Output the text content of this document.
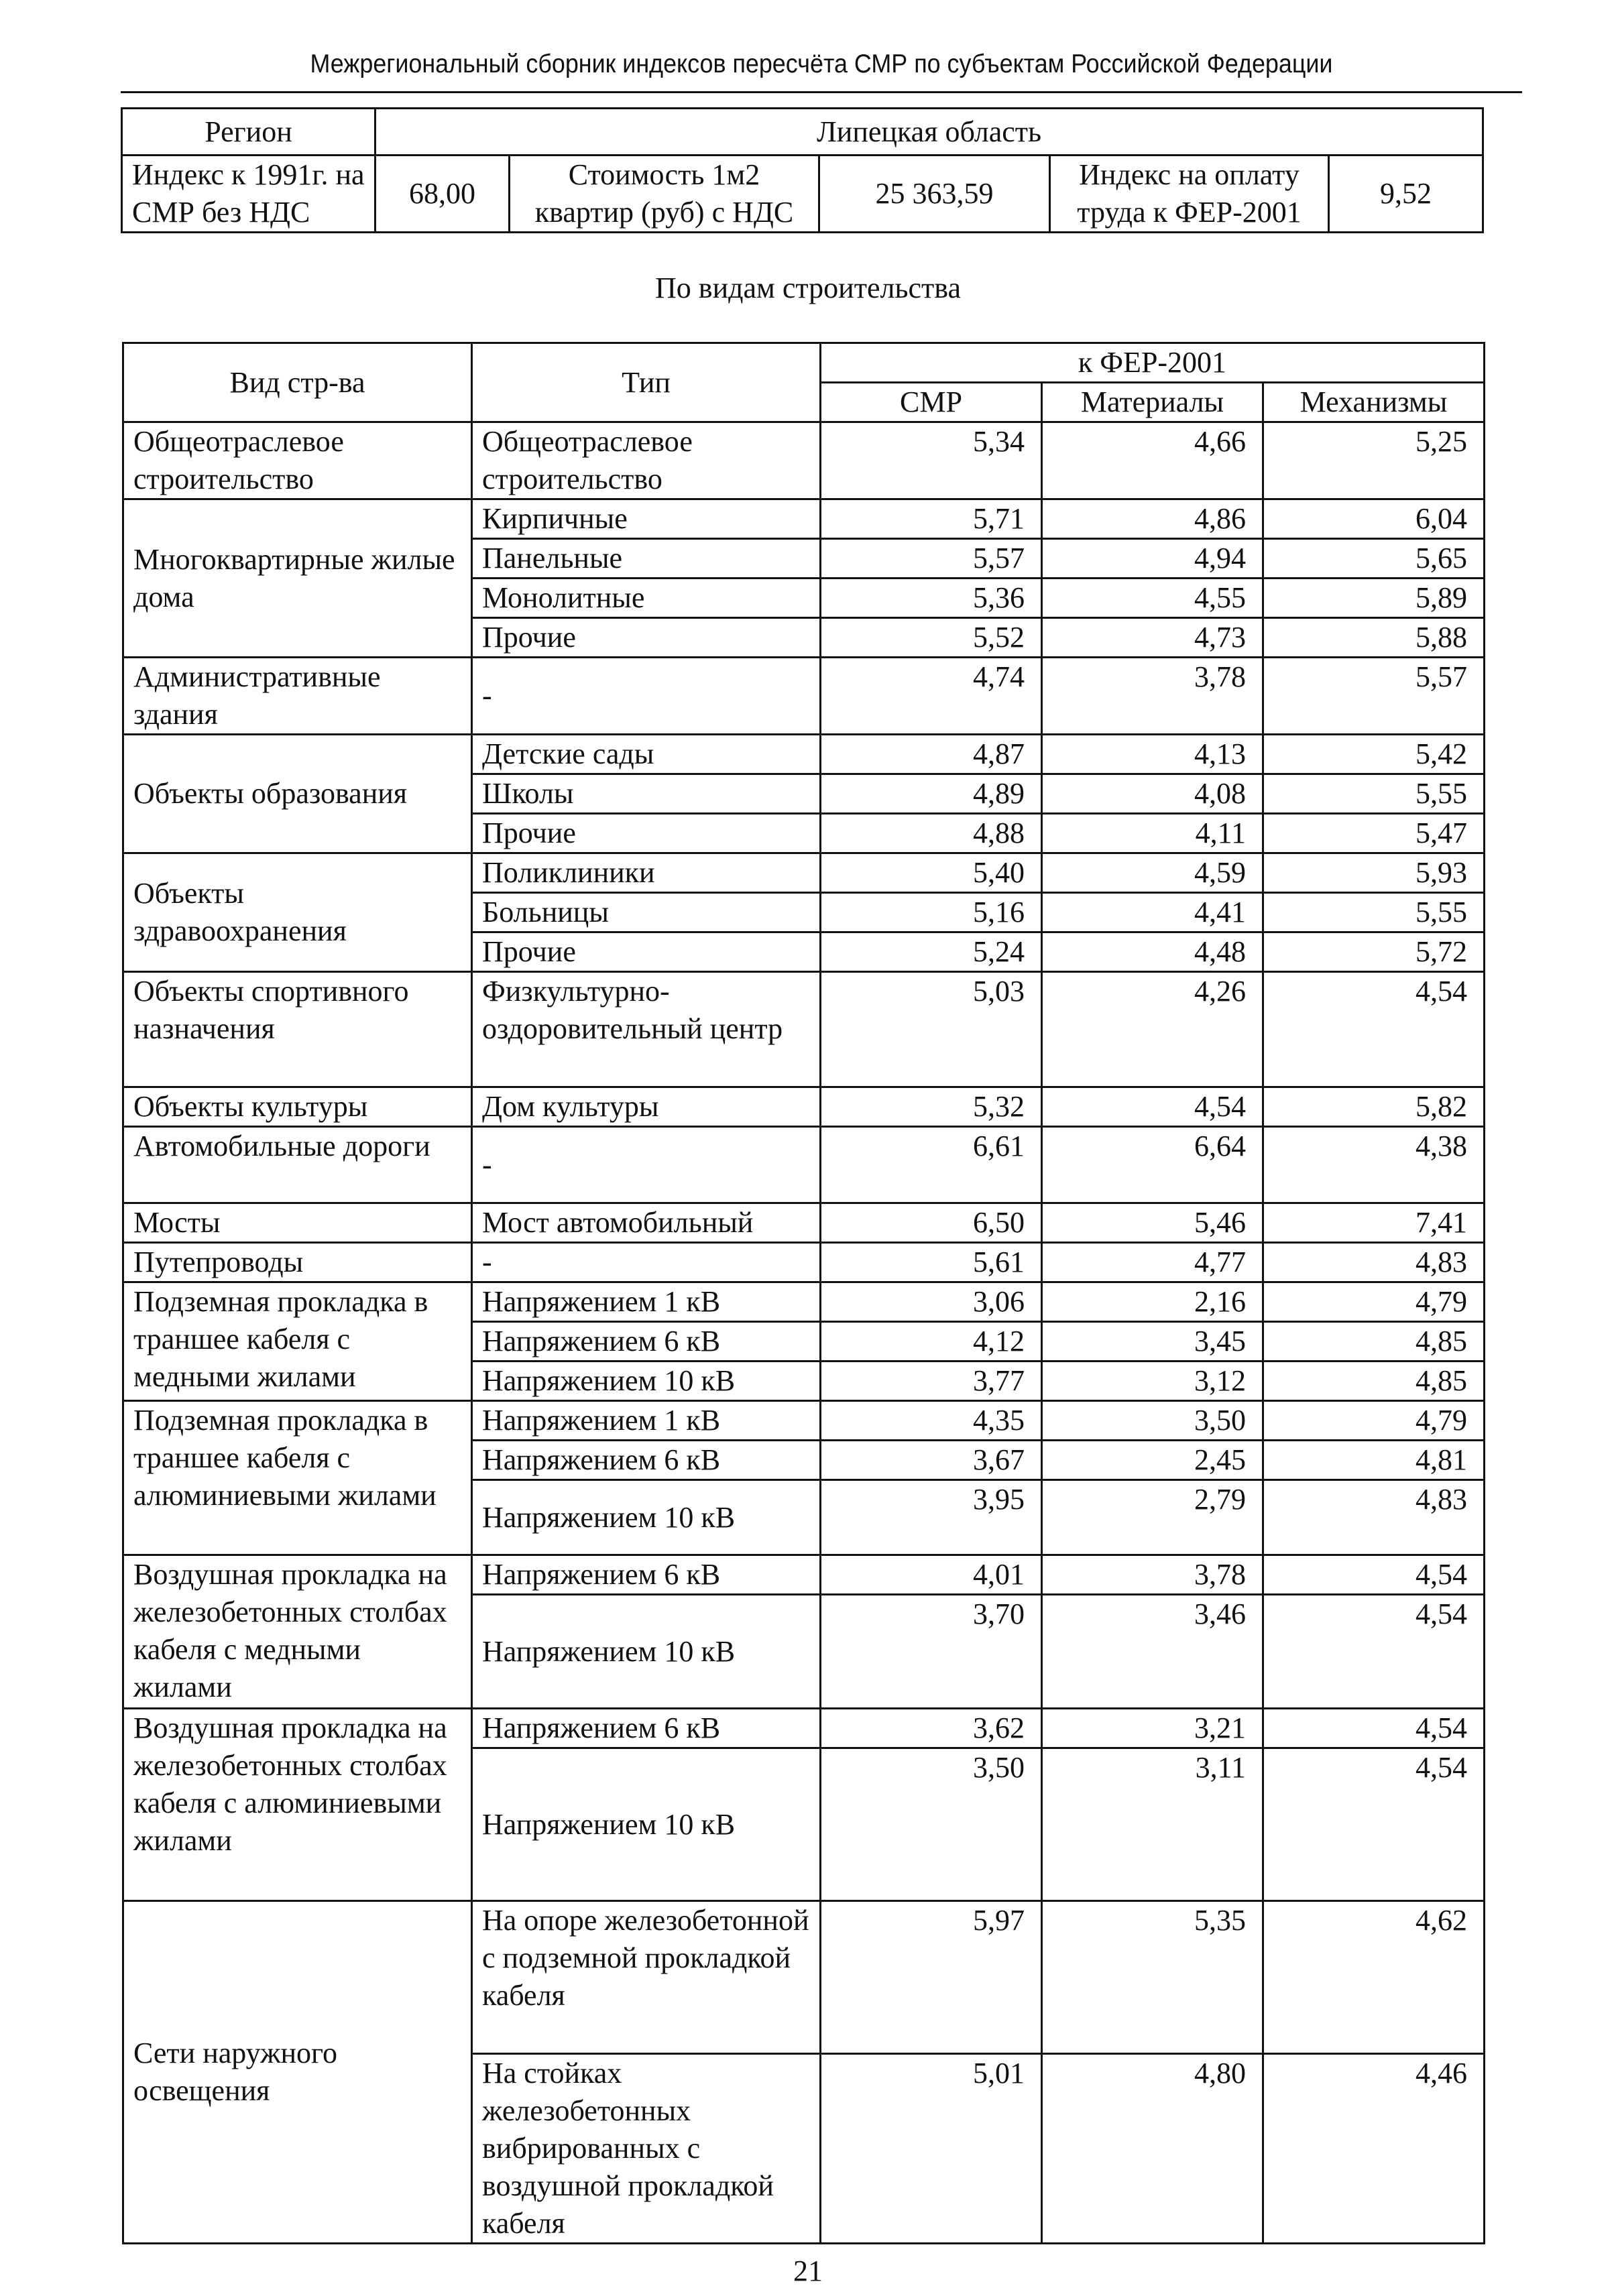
Межрегиональный сборник индексов пересчёта СМР по субъектам Российской Федерации
Регион	Липецкая область				
Индекс к 1991г. на СМР без НДС	68,00	Стоимость 1м2 квартир (руб) с НДС	25 363,59	Индекс на оплату труда к ФЕР-2001	9,52
По видам строительства
Вид стр-ва	Тип	к ФЕР-2001		
		СМР	Материалы	Механизмы
Общеотраслевое строительство	Общеотраслевое строительство	5,34	4,66	5,25
Многоквартирные жилые дома	Кирпичные	5,71	4,86	6,04
	Панельные	5,57	4,94	5,65
	Монолитные	5,36	4,55	5,89
	Прочие	5,52	4,73	5,88
Административные здания	-	4,74	3,78	5,57
Объекты образования	Детские сады	4,87	4,13	5,42
	Школы	4,89	4,08	5,55
	Прочие	4,88	4,11	5,47
Объекты здравоохранения	Поликлиники	5,40	4,59	5,93
	Больницы	5,16	4,41	5,55
	Прочие	5,24	4,48	5,72
Объекты спортивного назначения	Физкультурно-оздоровительный центр	5,03	4,26	4,54
Объекты культуры	Дом культуры	5,32	4,54	5,82
Автомобильные дороги	-	6,61	6,64	4,38
Мосты	Мост автомобильный	6,50	5,46	7,41
Путепроводы	-	5,61	4,77	4,83
Подземная прокладка в траншее кабеля с медными жилами	Напряжением 1 кВ	3,06	2,16	4,79
	Напряжением 6 кВ	4,12	3,45	4,85
	Напряжением 10 кВ	3,77	3,12	4,85
Подземная прокладка в траншее кабеля с алюминиевыми жилами	Напряжением 1 кВ	4,35	3,50	4,79
	Напряжением 6 кВ	3,67	2,45	4,81
	Напряжением 10 кВ	3,95	2,79	4,83
Воздушная прокладка на железобетонных столбах кабеля с медными жилами	Напряжением 6 кВ	4,01	3,78	4,54
	Напряжением 10 кВ	3,70	3,46	4,54
Воздушная прокладка на железобетонных столбах кабеля с алюминиевыми жилами	Напряжением 6 кВ	3,62	3,21	4,54
	Напряжением 10 кВ	3,50	3,11	4,54
Сети наружного освещения	На опоре железобетонной с подземной прокладкой кабеля	5,97	5,35	4,62
	На стойках железобетонных вибрированных с воздушной прокладкой кабеля	5,01	4,80	4,46
21
